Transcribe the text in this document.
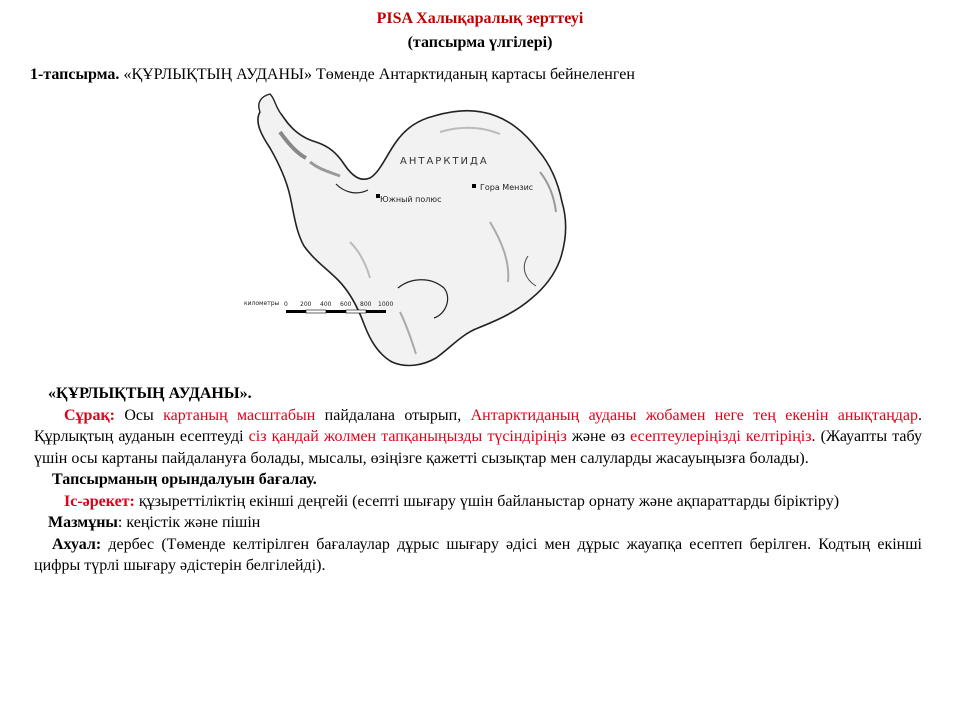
PISA Халықаралық зерттеуі
(тапсырма үлгілері)
1-тапсырма. «ҚҰРЛЫҚТЫҢ АУДАНЫ» Төменде Антарктиданың картасы бейнеленген
АНТАРКТИДА
Гора Мензис
Южный полюс
километры 0 200 400 600 800 1000

«ҚҰРЛЫҚТЫҢ АУДАНЫ».

Сұрақ: Осы картаның масштабын пайдалана отырып, Антарктиданың ауданы жобамен неге тең екенін анықтаңдар. Құрлықтың ауданын есептеуді сіз қандай жолмен тапқаныңызды түсіндіріңіз және өз есептеулеріңізді келтіріңіз. (Жауапты табу үшін осы картаны пайдалануға болады, мысалы, өзіңізге қажетті сызықтар мен салуларды жасауыңызға болады).

Тапсырманың орындалуын бағалау.

Іс-әрекет: құзыреттіліктің екінші деңгейі (есепті шығару үшін байланыстар орнату және ақпараттарды біріктіру)

Мазмұны: кеңістік және пішін

Ахуал: дербес (Төменде келтірілген бағалаулар дұрыс шығару әдісі мен дұрыс жауапқа есептеп берілген. Кодтың екінші цифры түрлі шығару әдістерін белгілейді).
